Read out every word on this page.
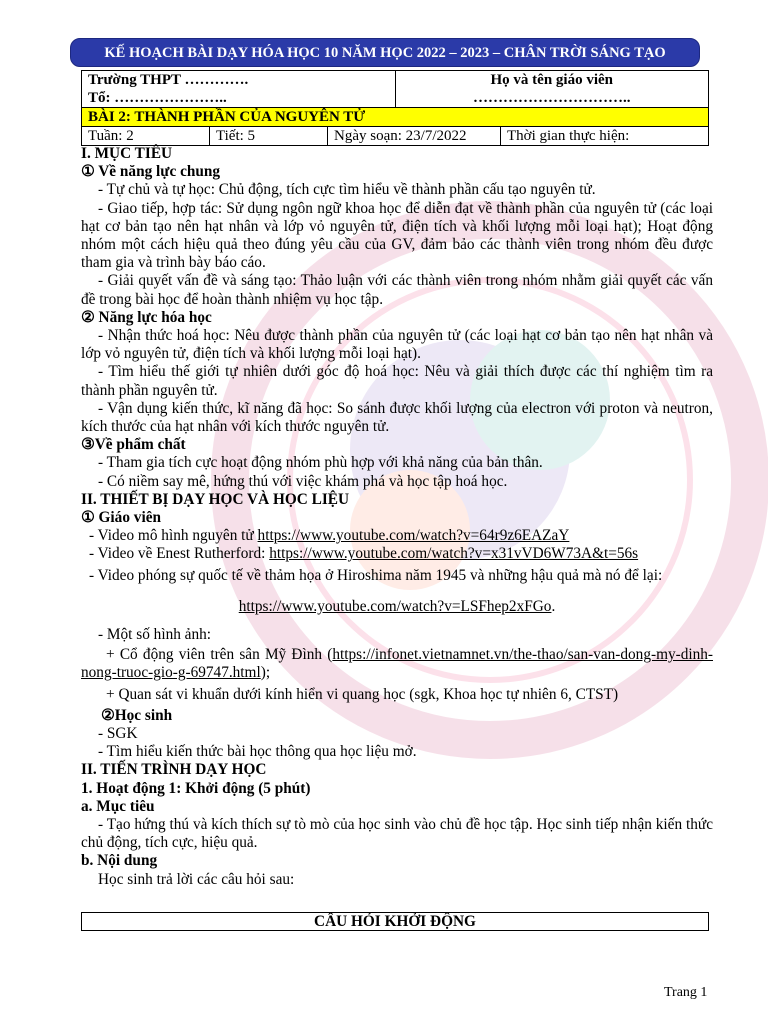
KẾ HOẠCH BÀI DẠY HÓA HỌC 10 NĂM HỌC 2022 – 2023 – CHÂN TRỜI SÁNG TẠO
Trường THPT ………….
Tổ: …………………..

Họ và tên giáo viên
…………………………..

BÀI 2: THÀNH PHẦN CỦA NGUYÊN TỬ
Tuần: 2	Tiết: 5	Ngày soạn: 23/7/2022	Thời gian thực hiện:

I. MỤC TIÊU

① Về năng lực chung

- Tự chủ và tự học: Chủ động, tích cực tìm hiểu về thành phần cấu tạo nguyên tử.

- Giao tiếp, hợp tác: Sử dụng ngôn ngữ khoa học để diễn đạt về thành phần của nguyên tử (các loại hạt cơ bản tạo nên hạt nhân và lớp vỏ nguyên tử, điện tích và khối lượng mỗi loại hạt); Hoạt động nhóm một cách hiệu quả theo đúng yêu cầu của GV, đảm bảo các thành viên trong nhóm đều được tham gia và trình bày báo cáo.

- Giải quyết vấn đề và sáng tạo: Thảo luận với các thành viên trong nhóm nhằm giải quyết các vấn đề trong bài học để hoàn thành nhiệm vụ học tập.

② Năng lực hóa học

- Nhận thức hoá học: Nêu được thành phần của nguyên tử (các loại hạt cơ bản tạo nên hạt nhân và lớp vỏ nguyên tử, điện tích và khối lượng mỗi loại hạt).

- Tìm hiểu thế giới tự nhiên dưới góc độ hoá học: Nêu và giải thích được các thí nghiệm tìm ra thành phần nguyên tử.

- Vận dụng kiến thức, kĩ năng đã học: So sánh được khối lượng của electron với proton và neutron, kích thước của hạt nhân với kích thước nguyên tử.

③Về phẩm chất

- Tham gia tích cực hoạt động nhóm phù hợp với khả năng của bản thân.

- Có niềm say mê, hứng thú với việc khám phá và học tập hoá học.

II. THIẾT BỊ DẠY HỌC VÀ HỌC LIỆU

① Giáo viên

- Video mô hình nguyên tử https://www.youtube.com/watch?v=64r9z6EAZaY

- Video về Enest Rutherford: https://www.youtube.com/watch?v=x31vVD6W73A&t=56s

- Video phóng sự quốc tế về thảm họa ở Hiroshima năm 1945 và những hậu quả mà nó để lại:

https://www.youtube.com/watch?v=LSFhep2xFGo.

- Một số hình ảnh:

+ Cổ động viên trên sân Mỹ Đình (https://infonet.vietnamnet.vn/the-thao/san-van-dong-my-dinh-nong-truoc-gio-g-69747.html);

+ Quan sát vi khuẩn dưới kính hiển vi quang học (sgk, Khoa học tự nhiên 6, CTST)

②Học sinh

- SGK

- Tìm hiểu kiến thức bài học thông qua học liệu mở.

II. TIẾN TRÌNH DẠY HỌC

1. Hoạt động 1: Khởi động (5 phút)

a. Mục tiêu

- Tạo hứng thú và kích thích sự tò mò của học sinh vào chủ đề học tập. Học sinh tiếp nhận kiến thức chủ động, tích cực, hiệu quả.

b. Nội dung

Học sinh trả lời các câu hỏi sau:

CÂU HỎI KHỞI ĐỘNG
Trang 1
